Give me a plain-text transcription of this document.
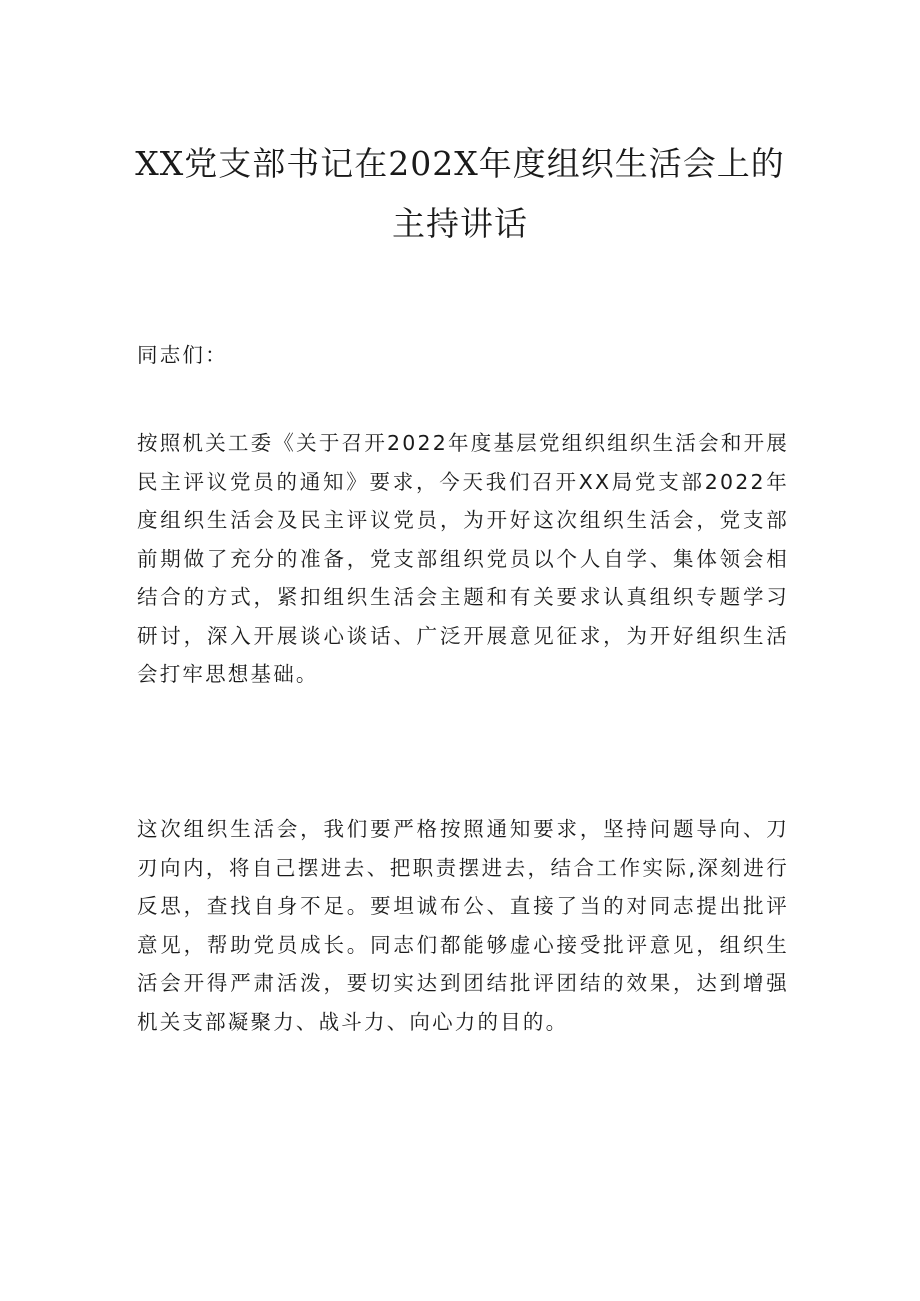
XX党支部书记在202X年度组织生活会上的
主持讲话

同志们：

按照机关工委《关于召开2022年度基层党组织组织生活会和开展民主评议党员的通知》要求，今天我们召开XX局党支部2022年度组织生活会及民主评议党员，为开好这次组织生活会，党支部前期做了充分的准备，党支部组织党员以个人自学、集体领会相结合的方式，紧扣组织生活会主题和有关要求认真组织专题学习研讨，深入开展谈心谈话、广泛开展意见征求，为开好组织生活会打牢思想基础。

这次组织生活会，我们要严格按照通知要求，坚持问题导向、刀刃向内，将自己摆进去、把职责摆进去，结合工作实际,深刻进行反思，查找自身不足。要坦诚布公、直接了当的对同志提出批评意见，帮助党员成长。同志们都能够虚心接受批评意见，组织生活会开得严肃活泼，要切实达到团结批评团结的效果，达到增强机关支部凝聚力、战斗力、向心力的目的。
